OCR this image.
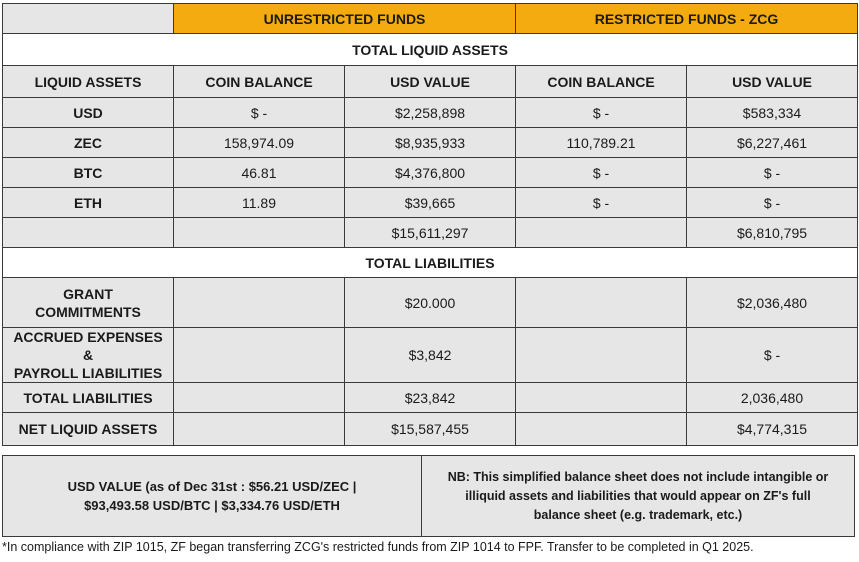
	UNRESTRICTED FUNDS		RESTRICTED FUNDS - ZCG	
TOTAL LIQUID ASSETS				
LIQUID ASSETS	COIN BALANCE	USD VALUE	COIN BALANCE	USD VALUE
USD	$ -	$2,258,898	$ -	$583,334
ZEC	158,974.09	$8,935,933	110,789.21	$6,227,461
BTC	46.81	$4,376,800	$ -	$ -
ETH	11.89	$39,665	$ -	$ -
		$15,611,297		$6,810,795
TOTAL LIABILITIES				
GRANT
COMMITMENTS		$20.000		$2,036,480
ACCRUED EXPENSES &
PAYROLL LIABILITIES		$3,842		$ -
TOTAL LIABILITIES		$23,842		2,036,480
NET LIQUID ASSETS		$15,587,455		$4,774,315
USD VALUE (as of Dec 31st : $56.21 USD/ZEC |
$93,493.58 USD/BTC | $3,334.76 USD/ETH
NB: This simplified balance sheet does not include intangible or
illiquid assets and liabilities that would appear on ZF's full
balance sheet (e.g. trademark, etc.)
*In compliance with ZIP 1015, ZF began transferring ZCG's restricted funds from ZIP 1014 to FPF. Transfer to be completed in Q1 2025.
